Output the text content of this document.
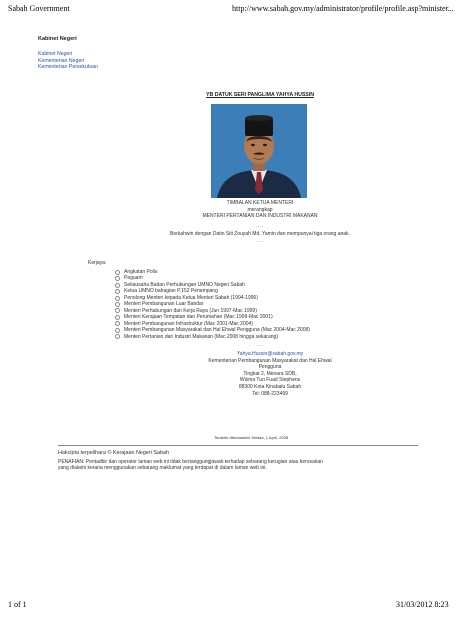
Sabah Government	http://www.sabah.gov.my/administrator/profile/profile.asp?minister...
Kabinet Negeri
Kabinet Negeri
Kementerian Negeri
Kementerian Persekutuan
YB DATUK SERI PANGLIMA YAHYA HUSSIN
TIMBALAN KETUA MENTERI
merangkap
MENTERI PERTANIAN DAN INDUSTRI MAKANAN
....
Berkahwin dengan Datin Siti Zouyah Md. Yamin dan mempunyai tiga orang anak.
....
Kerjaya:
Angkatan Polis
Peguam
Setiausaha Badan Perhubungan UMNO Negeri Sabah
Ketua UMNO bahagian P.152 Penampang
Penolong Menteri kepada Ketua Menteri Sabah (1994-1996)
Menteri Pembangunan Luar Bandar
Menteri Perhubungan dan Kerja Raya (Jun 1997-Mac 1999)
Menteri Kerajaan Tempatan dan Perumahan (Mac 1999-Mac 2001)
Menteri Pembangunan Infrastruktur (Mac 2001-Mac 2004)
Menteri Pembangunan Masyarakat dan Hal Ehwal Pengguna (Mac 2004-Mac 2008)
Menteri Pertanian dan Industri Makanan (Mac 2008 hingga sekarang)
....
Yahya.Hussin@sabah.gov.my
Kementerian Pembangunan Masyarakat dan Hal Ehwal Pengguna
Tingkat 2, Menara SDB,
Wisma Tun Fuad Stephens
88300 Kota Kinabalu Sabah
Tel: 088-223499
Terakhir dikemaskini Selasa, 1 April, 2008
Hakcipta terpelihara © Kerajaan Negeri Sabah
PENAFIAN: Pentadbir dan operator laman web ini tidak bertanggungjawab terhadap sebarang kerugian atau kerosakan
yang dialami kerana menggunakan sebarang maklumat yang terdapat di dalam laman web ini.
1 of 1	31/03/2012 8:23
